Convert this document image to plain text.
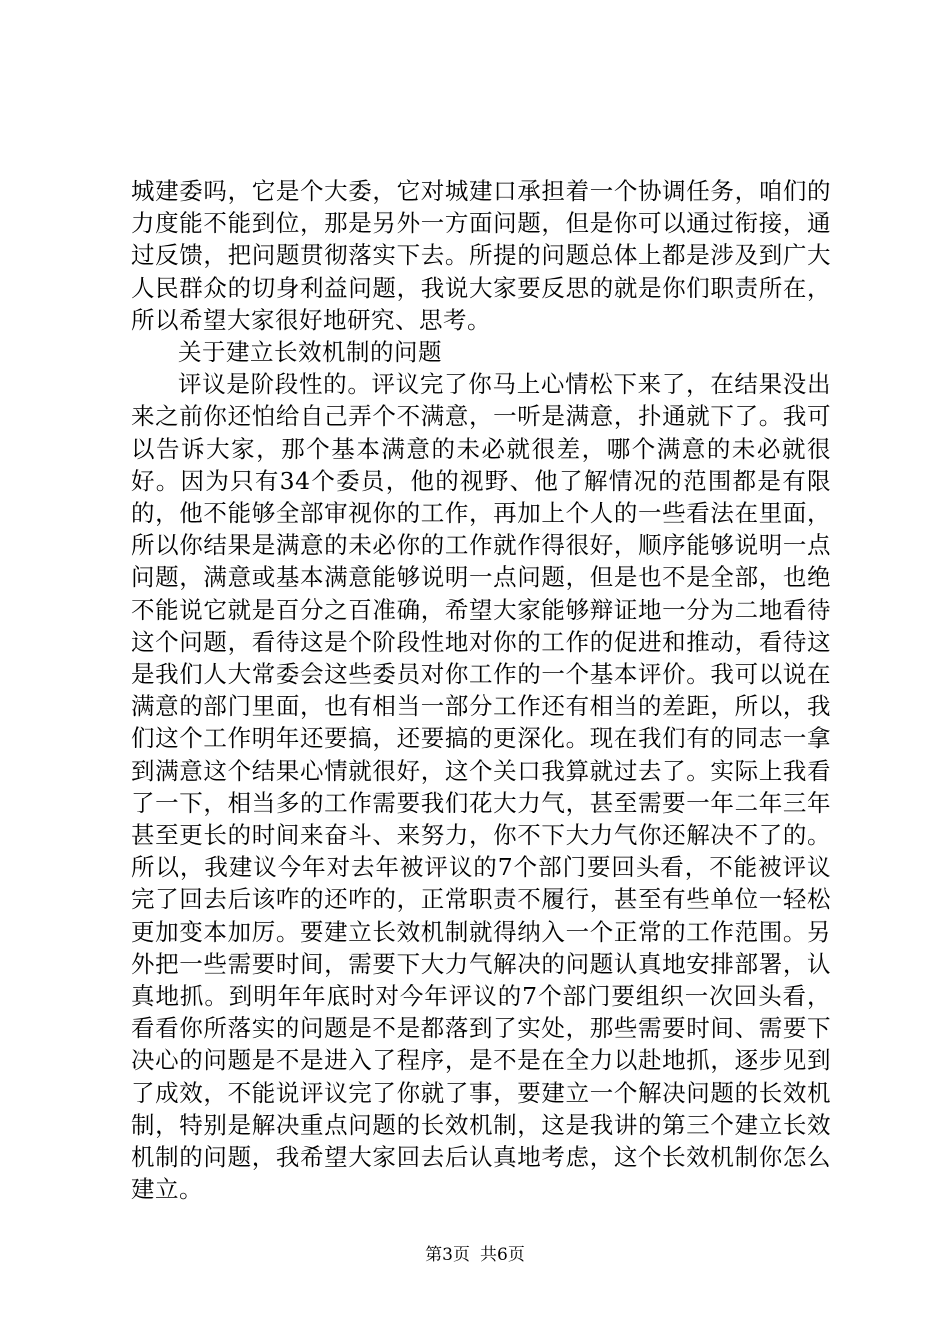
城建委吗，它是个大委，它对城建口承担着一个协调任务，咱们的力度能不能到位，那是另外一方面问题，但是你可以通过衔接，通过反馈，把问题贯彻落实下去。所提的问题总体上都是涉及到广大人民群众的切身利益问题，我说大家要反思的就是你们职责所在，所以希望大家很好地研究、思考。

关于建立长效机制的问题

评议是阶段性的。评议完了你马上心情松下来了，在结果没出来之前你还怕给自己弄个不满意，一听是满意，扑通就下了。我可以告诉大家，那个基本满意的未必就很差，哪个满意的未必就很好。因为只有34个委员，他的视野、他了解情况的范围都是有限的，他不能够全部审视你的工作，再加上个人的一些看法在里面，所以你结果是满意的未必你的工作就作得很好，顺序能够说明一点问题，满意或基本满意能够说明一点问题，但是也不是全部，也绝不能说它就是百分之百准确，希望大家能够辩证地一分为二地看待这个问题，看待这是个阶段性地对你的工作的促进和推动，看待这是我们人大常委会这些委员对你工作的一个基本评价。我可以说在满意的部门里面，也有相当一部分工作还有相当的差距，所以，我们这个工作明年还要搞，还要搞的更深化。现在我们有的同志一拿到满意这个结果心情就很好，这个关口我算就过去了。实际上我看了一下，相当多的工作需要我们花大力气，甚至需要一年二年三年甚至更长的时间来奋斗、来努力，你不下大力气你还解决不了的。所以，我建议今年对去年被评议的7个部门要回头看，不能被评议完了回去后该咋的还咋的，正常职责不履行，甚至有些单位一轻松更加变本加厉。要建立长效机制就得纳入一个正常的工作范围。另外把一些需要时间，需要下大力气解决的问题认真地安排部署，认真地抓。到明年年底时对今年评议的7个部门要组织一次回头看，看看你所落实的问题是不是都落到了实处，那些需要时间、需要下决心的问题是不是进入了程序，是不是在全力以赴地抓，逐步见到了成效，不能说评议完了你就了事，要建立一个解决问题的长效机制，特别是解决重点问题的长效机制，这是我讲的第三个建立长效机制的问题，我希望大家回去后认真地考虑，这个长效机制你怎么建立。

第3页 共6页
